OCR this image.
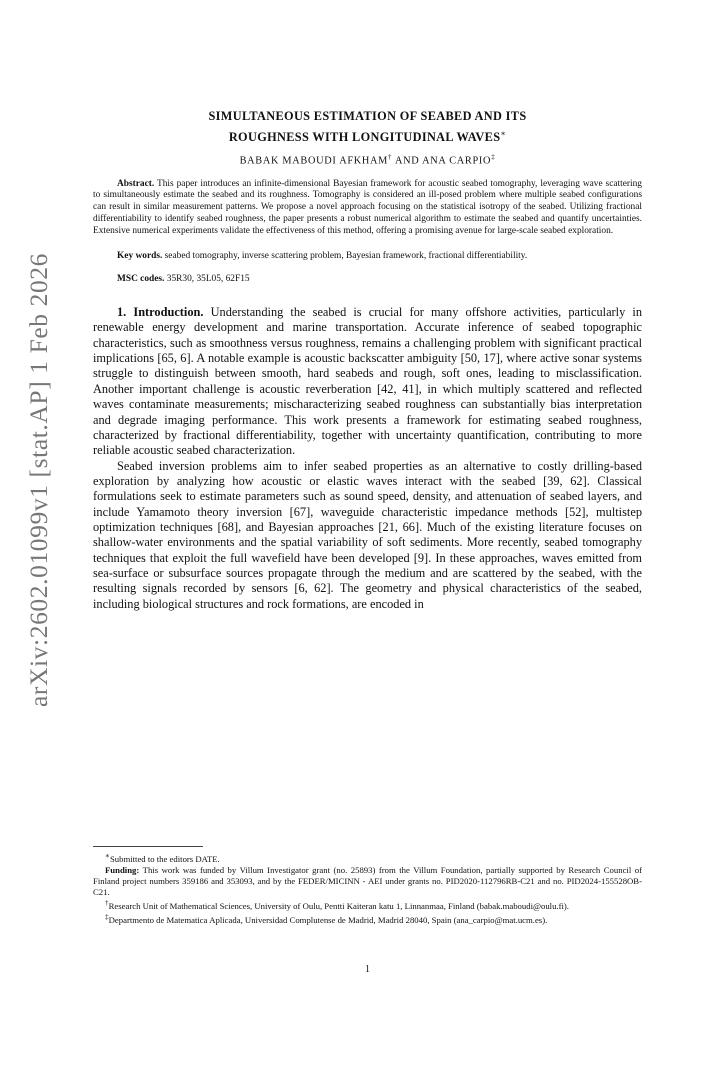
arXiv:2602.01099v1 [stat.AP] 1 Feb 2026
SIMULTANEOUS ESTIMATION OF SEABED AND ITS
ROUGHNESS WITH LONGITUDINAL WAVES∗
BABAK MABOUDI AFKHAM† AND ANA CARPIO‡
Abstract. This paper introduces an infinite-dimensional Bayesian framework for acoustic seabed tomography, leveraging wave scattering to simultaneously estimate the seabed and its roughness. Tomography is considered an ill-posed problem where multiple seabed configurations can result in similar measurement patterns. We propose a novel approach focusing on the statistical isotropy of the seabed. Utilizing fractional differentiability to identify seabed roughness, the paper presents a robust numerical algorithm to estimate the seabed and quantify uncertainties. Extensive numerical experiments validate the effectiveness of this method, offering a promising avenue for large-scale seabed exploration.
Key words. seabed tomography, inverse scattering problem, Bayesian framework, fractional differentiability.
MSC codes. 35R30, 35L05, 62F15

1. Introduction. Understanding the seabed is crucial for many offshore activities, particularly in renewable energy development and marine transportation. Accurate inference of seabed topographic characteristics, such as smoothness versus roughness, remains a challenging problem with significant practical implications [65, 6]. A notable example is acoustic backscatter ambiguity [50, 17], where active sonar systems struggle to distinguish between smooth, hard seabeds and rough, soft ones, leading to misclassification. Another important challenge is acoustic reverberation [42, 41], in which multiply scattered and reflected waves contaminate measurements; mischaracterizing seabed roughness can substantially bias interpretation and degrade imaging performance. This work presents a framework for estimating seabed roughness, characterized by fractional differentiability, together with uncertainty quantification, contributing to more reliable acoustic seabed characterization.

Seabed inversion problems aim to infer seabed properties as an alternative to costly drilling-based exploration by analyzing how acoustic or elastic waves interact with the seabed [39, 62]. Classical formulations seek to estimate parameters such as sound speed, density, and attenuation of seabed layers, and include Yamamoto theory inversion [67], waveguide characteristic impedance methods [52], multistep optimization techniques [68], and Bayesian approaches [21, 66]. Much of the existing literature focuses on shallow-water environments and the spatial variability of soft sediments. More recently, seabed tomography techniques that exploit the full wavefield have been developed [9]. In these approaches, waves emitted from sea-surface or subsurface sources propagate through the medium and are scattered by the seabed, with the resulting signals recorded by sensors [6, 62]. The geometry and physical characteristics of the seabed, including biological structures and rock formations, are encoded in

∗Submitted to the editors DATE.

Funding: This work was funded by Villum Investigator grant (no. 25893) from the Villum Foundation, partially supported by Research Council of Finland project numbers 359186 and 353093, and by the FEDER/MICINN - AEI under grants no. PID2020-112796RB-C21 and no. PID2024-155528OB-C21.

†Research Unit of Mathematical Sciences, University of Oulu, Pentti Kaiteran katu 1, Linnanmaa, Finland (babak.maboudi@oulu.fi).

‡Departmento de Matematica Aplicada, Universidad Complutense de Madrid, Madrid 28040, Spain (ana_carpio@mat.ucm.es).

1
